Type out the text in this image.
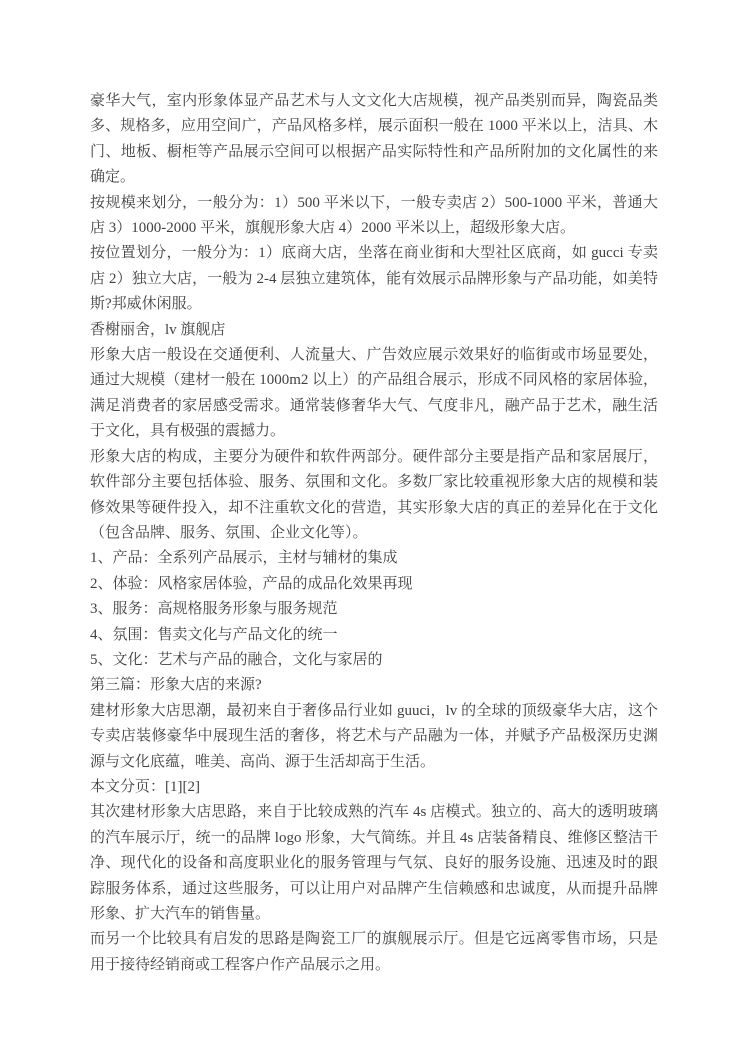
豪华大气，室内形象体显产品艺术与人文文化大店规模，视产品类别而异，陶瓷品类多、规格多，应用空间广，产品风格多样，展示面积一般在 1000 平米以上，洁具、木门、地板、橱柜等产品展示空间可以根据产品实际特性和产品所附加的文化属性的来确定。

按规模来划分，一般分为：1）500 平米以下，一般专卖店 2）500-1000 平米，普通大店 3）1000-2000 平米，旗舰形象大店 4）2000 平米以上，超级形象大店。

按位置划分，一般分为：1）底商大店，坐落在商业街和大型社区底商，如 gucci 专卖店 2）独立大店，一般为 2-4 层独立建筑体，能有效展示品牌形象与产品功能，如美特斯?邦威休闲服。

香榭丽舍，lv 旗舰店

形象大店一般设在交通便利、人流量大、广告效应展示效果好的临街或市场显要处，通过大规模（建材一般在 1000m2 以上）的产品组合展示，形成不同风格的家居体验，满足消费者的家居感受需求。通常装修奢华大气、气度非凡，融产品于艺术，融生活于文化，具有极强的震撼力。

形象大店的构成，主要分为硬件和软件两部分。硬件部分主要是指产品和家居展厅，软件部分主要包括体验、服务、氛围和文化。多数厂家比较重视形象大店的规模和装修效果等硬件投入，却不注重软文化的营造，其实形象大店的真正的差异化在于文化（包含品牌、服务、氛围、企业文化等）。

1、产品：全系列产品展示，主材与辅材的集成

2、体验：风格家居体验，产品的成品化效果再现

3、服务：高规格服务形象与服务规范

4、氛围：售卖文化与产品文化的统一

5、文化：艺术与产品的融合，文化与家居的

第三篇：形象大店的来源?

建材形象大店思潮，最初来自于奢侈品行业如 guuci，lv 的全球的顶级豪华大店，这个专卖店装修豪华中展现生活的奢侈，将艺术与产品融为一体，并赋予产品极深历史渊源与文化底蕴，唯美、高尚、源于生活却高于生活。

本文分页：[1][2]

其次建材形象大店思路，来自于比较成熟的汽车 4s 店模式。独立的、高大的透明玻璃的汽车展示厅，统一的品牌 logo 形象，大气简练。并且 4s 店装备精良、维修区整洁干净、现代化的设备和高度职业化的服务管理与气氛、良好的服务设施、迅速及时的跟踪服务体系，通过这些服务，可以让用户对品牌产生信赖感和忠诚度，从而提升品牌形象、扩大汽车的销售量。

而另一个比较具有启发的思路是陶瓷工厂的旗舰展示厅。但是它远离零售市场，只是用于接待经销商或工程客户作产品展示之用。
